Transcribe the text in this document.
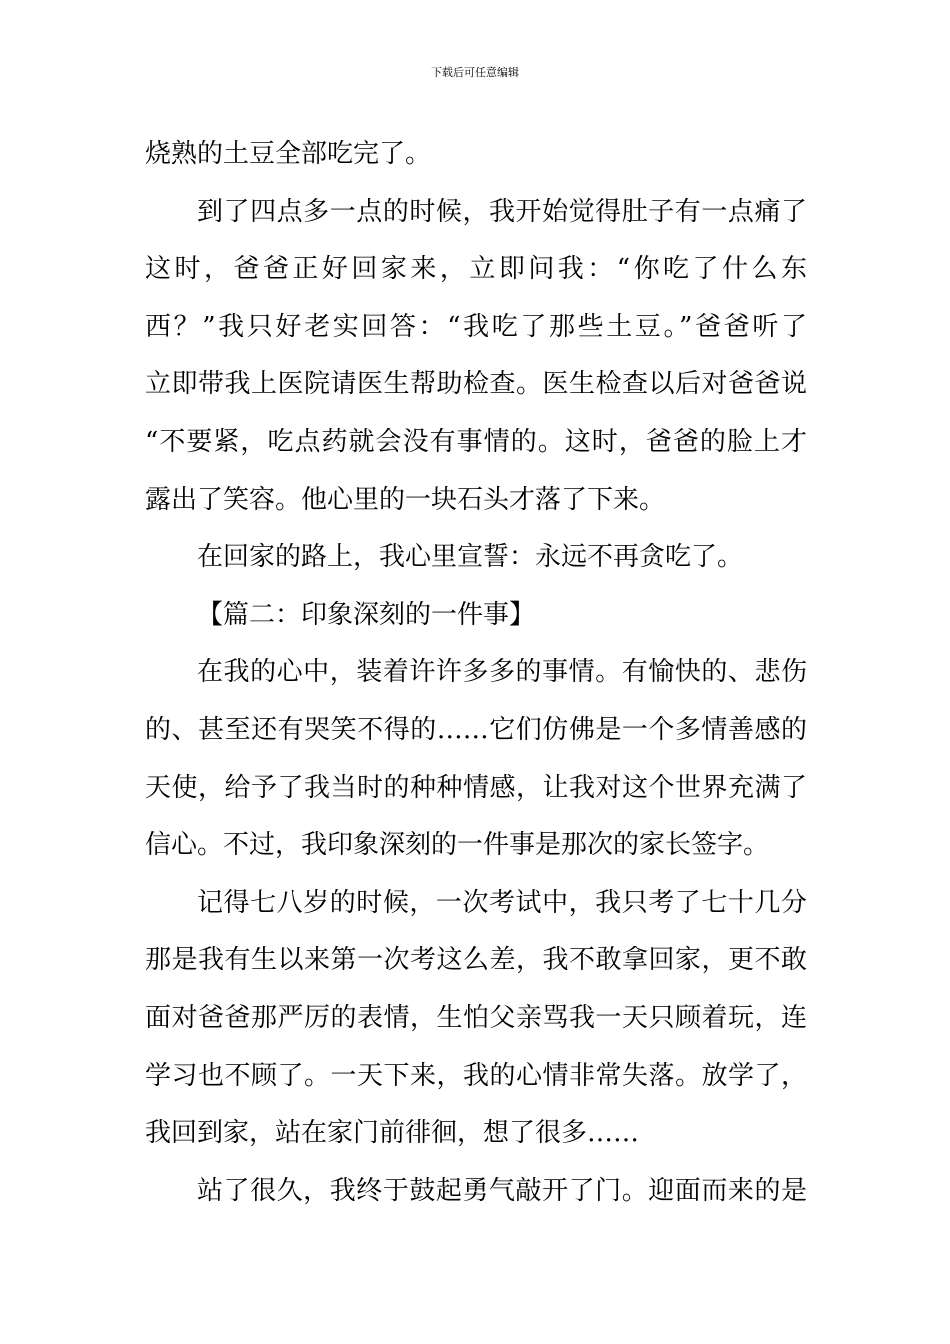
下载后可任意编辑
烧熟的土豆全部吃完了。
到了四点多一点的时候，我开始觉得肚子有一点痛了
这时，爸爸正好回家来，立即问我：“你吃了什么东
西？”我只好老实回答：“我吃了那些土豆。”爸爸听了
立即带我上医院请医生帮助检查。医生检查以后对爸爸说
“不要紧，吃点药就会没有事情的。这时，爸爸的脸上才
露出了笑容。他心里的一块石头才落了下来。
在回家的路上，我心里宣誓：永远不再贪吃了。
【篇二：印象深刻的一件事】
在我的心中，装着许许多多的事情。有愉快的、悲伤
的、甚至还有哭笑不得的……它们仿佛是一个多情善感的
天使，给予了我当时的种种情感，让我对这个世界充满了
信心。不过，我印象深刻的一件事是那次的家长签字。
记得七八岁的时候，一次考试中，我只考了七十几分
那是我有生以来第一次考这么差，我不敢拿回家，更不敢
面对爸爸那严厉的表情，生怕父亲骂我一天只顾着玩，连
学习也不顾了。一天下来，我的心情非常失落。放学了，
我回到家，站在家门前徘徊，想了很多……
站了很久，我终于鼓起勇气敲开了门。迎面而来的是
